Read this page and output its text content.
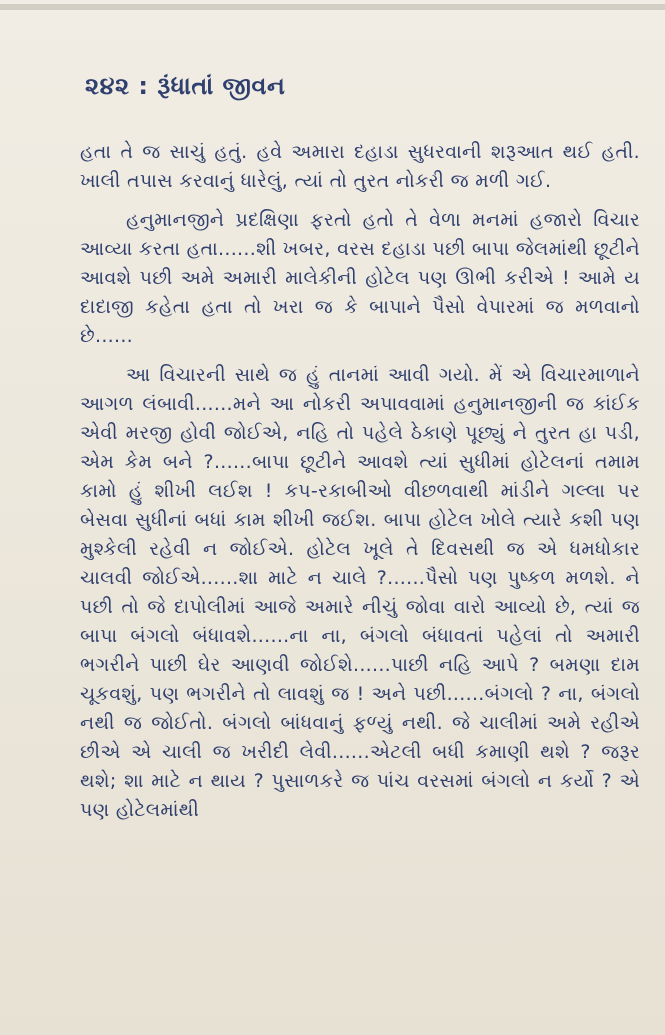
૨૪૨ : રૂંધાતાં જીવન

હતા તે જ સાચું હતું. હવે અમારા દહાડા સુધરવાની શરૂઆત થઈ હતી. ખાલી તપાસ કરવાનું ધારેલું, ત્યાં તો તુરત નોકરી જ મળી ગઈ.

હનુમાનજીને પ્રદક્ષિણા ફરતો હતો તે વેળા મનમાં હજારો વિચાર આવ્યા કરતા હતા......શી ખબર, વરસ દહાડા પછી બાપા જેલમાંથી છૂટીને આવશે પછી અમે અમારી માલેકીની હોટેલ પણ ઊભી કરીએ ! આમે ય દાદાજી કહેતા હતા તો ખરા જ કે બાપાને પૈસો વેપારમાં જ મળવાનો છે......

આ વિચારની સાથે જ હું તાનમાં આવી ગયો. મેં એ વિચારમાળાને આગળ લંબાવી......મને આ નોકરી અપાવવામાં હનુમાનજીની જ કાંઈક એવી મરજી હોવી જોઈએ, નહિ તો પહેલે ઠેકાણે પૂછ્યું ને તુરત હા પડી, એમ કેમ બને ?......બાપા છૂટીને આવશે ત્યાં સુધીમાં હોટેલનાં તમામ કામો હું શીખી લઈશ ! કપ-રકાબીઓ વીછળવાથી માંડીને ગલ્લા પર બેસવા સુધીનાં બધાં કામ શીખી જઈશ. બાપા હોટેલ ખોલે ત્યારે કશી પણ મુશ્કેલી રહેવી ન જોઈએ. હોટેલ ખૂલે તે દિવસથી જ એ ધમધોકાર ચાલવી જોઈએ......શા માટે ન ચાલે ?......પૈસો પણ પુષ્કળ મળશે. ને પછી તો જે દાપોલીમાં આજે અમારે નીચું જોવા વારો આવ્યો છે, ત્યાં જ બાપા બંગલો બંધાવશે......ના ના, બંગલો બંધાવતાં પહેલાં તો અમારી ભગરીને પાછી ઘેર આણવી જોઈશે......પાછી નહિ આપે ? બમણા દામ ચૂકવશું, પણ ભગરીને તો લાવશું જ ! અને પછી......બંગલો ? ના, બંગલો નથી જ જોઈતો. બંગલો બાંધવાનું ફળ્યું નથી. જે ચાલીમાં અમે રહીએ છીએ એ ચાલી જ ખરીદી લેવી......એટલી બધી કમાણી થશે ? જરૂર થશે; શા માટે ન થાય ? પુસાળકરે જ પાંચ વરસમાં બંગલો ન કર્યો ? એ પણ હોટેલમાંથી
